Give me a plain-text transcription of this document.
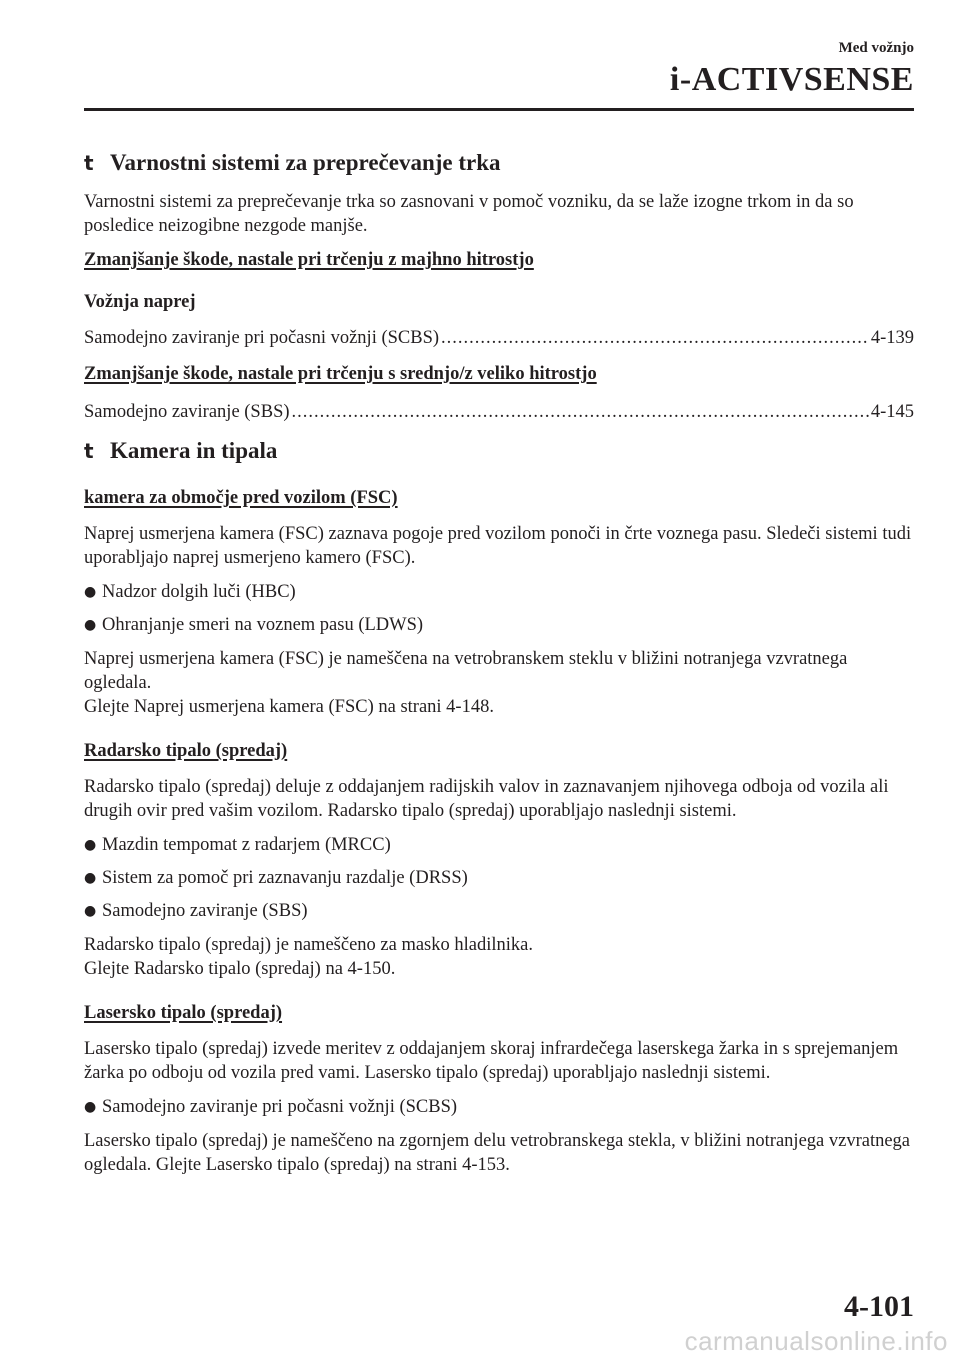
Med vožnjo
i-ACTIVSENSE
t Varnostni sistemi za preprečevanje trka

Varnostni sistemi za preprečevanje trka so zasnovani v pomoč vozniku, da se laže izogne trkom in da so posledice neizogibne nezgode manjše.

Zmanjšanje škode, nastale pri trčenju z majhno hitrostjo
Vožnja naprej
Samodejno zaviranje pri počasni vožnji (SCBS) .....	4-139
Zmanjšanje škode, nastale pri trčenju s srednjo/z veliko hitrostjo
Samodejno zaviranje (SBS) .....	4-145
t Kamera in tipala
kamera za območje pred vozilom (FSC)

Naprej usmerjena kamera (FSC) zaznava pogoje pred vozilom ponoči in črte voznega pasu. Sledeči sistemi tudi uporabljajo naprej usmerjeno kamero (FSC).

● Nadzor dolgih luči (HBC)
● Ohranjanje smeri na voznem pasu (LDWS)

Naprej usmerjena kamera (FSC) je nameščena na vetrobranskem steklu v bližini notranjega vzvratnega ogledala.

Glejte Naprej usmerjena kamera (FSC) na strani 4-148.

Radarsko tipalo (spredaj)

Radarsko tipalo (spredaj) deluje z oddajanjem radijskih valov in zaznavanjem njihovega odboja od vozila ali drugih ovir pred vašim vozilom. Radarsko tipalo (spredaj) uporabljajo naslednji sistemi.

● Mazdin tempomat z radarjem (MRCC)
● Sistem za pomoč pri zaznavanju razdalje (DRSS)
● Samodejno zaviranje (SBS)

Radarsko tipalo (spredaj) je nameščeno za masko hladilnika.

Glejte Radarsko tipalo (spredaj) na 4-150.

Lasersko tipalo (spredaj)

Lasersko tipalo (spredaj) izvede meritev z oddajanjem skoraj infrardečega laserskega žarka in s sprejemanjem žarka po odboju od vozila pred vami. Lasersko tipalo (spredaj) uporabljajo naslednji sistemi.

● Samodejno zaviranje pri počasni vožnji (SCBS)

Lasersko tipalo (spredaj) je nameščeno na zgornjem delu vetrobranskega stekla, v bližini notranjega vzvratnega ogledala. Glejte Lasersko tipalo (spredaj) na strani 4-153.

4-101
carmanualsonline.info
